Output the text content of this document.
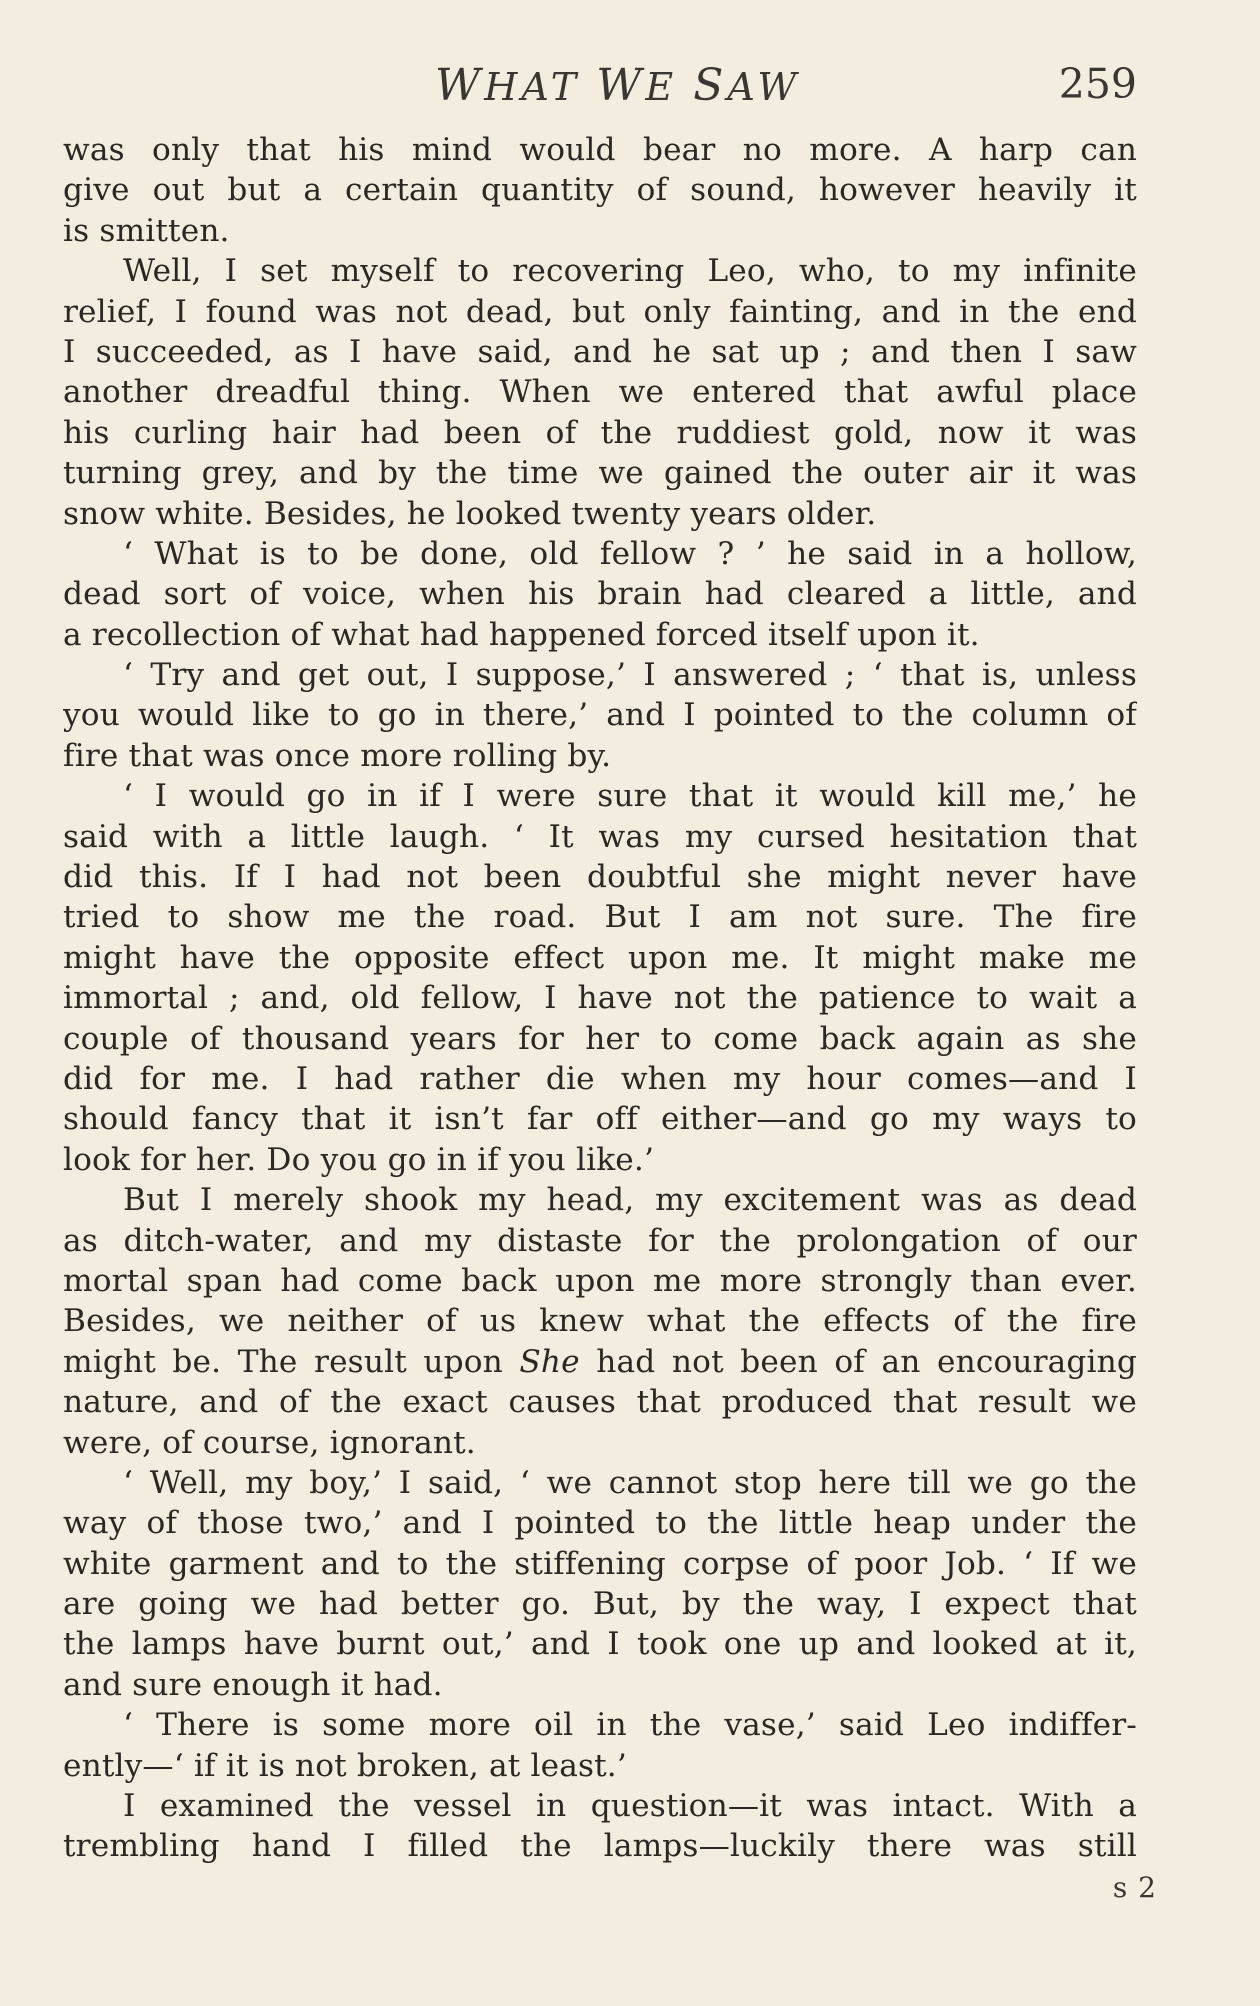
WHAT WE SAW	259
was only that his mind would bear no more. A harp can
give out but a certain quantity of sound, however heavily it
is smitten.
Well, I set myself to recovering Leo, who, to my infinite
relief, I found was not dead, but only fainting, and in the end
I succeeded, as I have said, and he sat up ; and then I saw
another dreadful thing. When we entered that awful place
his curling hair had been of the ruddiest gold, now it was
turning grey, and by the time we gained the outer air it was
snow white. Besides, he looked twenty years older.
‘ What is to be done, old fellow ? ’ he said in a hollow,
dead sort of voice, when his brain had cleared a little, and
a recollection of what had happened forced itself upon it.
‘ Try and get out, I suppose,’ I answered ; ‘ that is, unless
you would like to go in there,’ and I pointed to the column of
fire that was once more rolling by.
‘ I would go in if I were sure that it would kill me,’ he
said with a little laugh. ‘ It was my cursed hesitation that
did this. If I had not been doubtful she might never have
tried to show me the road. But I am not sure. The fire
might have the opposite effect upon me. It might make me
immortal ; and, old fellow, I have not the patience to wait a
couple of thousand years for her to come back again as she
did for me. I had rather die when my hour comes—and I
should fancy that it isn’t far off either—and go my ways to
look for her. Do you go in if you like.’
But I merely shook my head, my excitement was as dead
as ditch-water, and my distaste for the prolongation of our
mortal span had come back upon me more strongly than ever.
Besides, we neither of us knew what the effects of the fire
might be. The result upon She had not been of an encouraging
nature, and of the exact causes that produced that result we
were, of course, ignorant.
‘ Well, my boy,’ I said, ‘ we cannot stop here till we go the
way of those two,’ and I pointed to the little heap under the
white garment and to the stiffening corpse of poor Job. ‘ If we
are going we had better go. But, by the way, I expect that
the lamps have burnt out,’ and I took one up and looked at it,
and sure enough it had.
‘ There is some more oil in the vase,’ said Leo indiffer-
ently—‘ if it is not broken, at least.’
I examined the vessel in question—it was intact. With a
trembling hand I filled the lamps—luckily there was still
s 2
